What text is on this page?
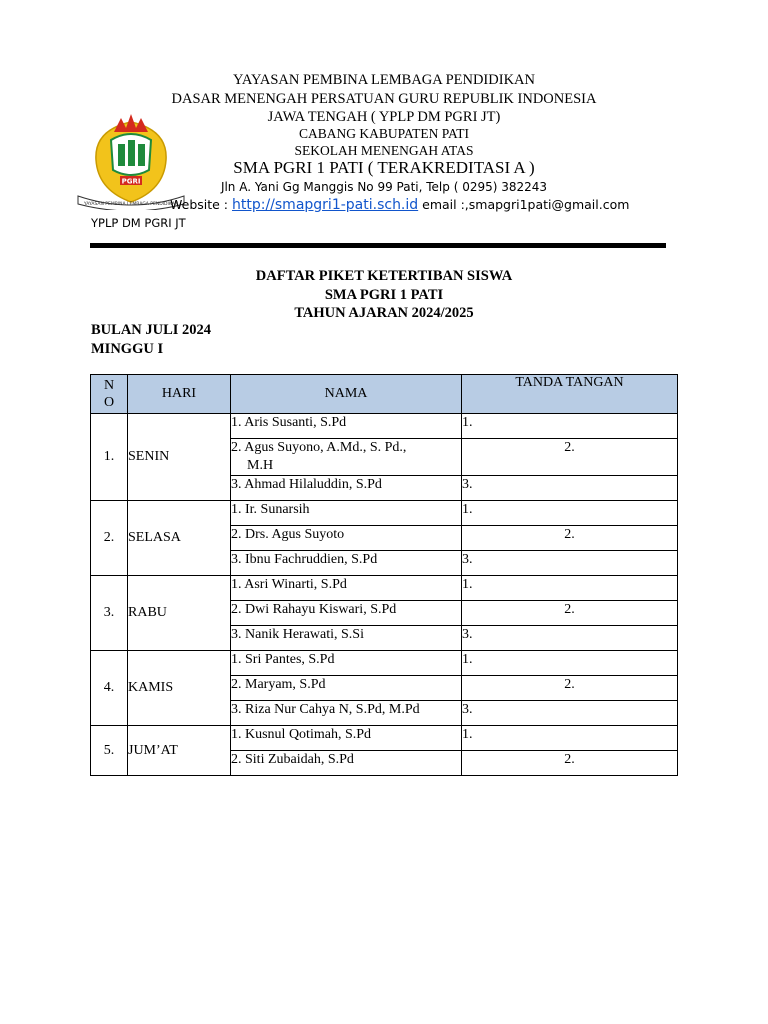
PGRI
YAYASAN PEMBINA LEMBAGA PENDIDIKAN
YAYASAN PEMBINA LEMBAGA PENDIDIKAN
DASAR MENENGAH PERSATUAN GURU REPUBLIK INDONESIA
JAWA TENGAH ( YPLP DM PGRI JT)
CABANG KABUPATEN PATI
SEKOLAH MENENGAH ATAS
SMA PGRI 1 PATI ( TERAKREDITASI A )
Jln A. Yani Gg Manggis No 99 Pati, Telp ( 0295) 382243
Website : http://smapgri1-pati.sch.id email :,smapgri1pati@gmail.com
YPLP DM PGRI JT
DAFTAR PIKET KETERTIBAN SISWA
SMA PGRI 1 PATI
TAHUN AJARAN 2024/2025
BULAN JULI 2024
MINGGU I
N
O	HARI	NAMA	TANDA TANGAN
1.	SENIN	1. Aris Susanti, S.Pd	1.
		2. Agus Suyono, A.Md., S. Pd.,
M.H	2.
		3. Ahmad Hilaluddin, S.Pd	3.
2.	SELASA	1. Ir. Sunarsih	1.
		2. Drs. Agus Suyoto	2.
		3. Ibnu Fachruddien, S.Pd	3.
3.	RABU	1. Asri Winarti, S.Pd	1.
		2. Dwi Rahayu Kiswari, S.Pd	2.
		3. Nanik Herawati, S.Si	3.
4.	KAMIS	1. Sri Pantes, S.Pd	1.
		2. Maryam, S.Pd	2.
		3. Riza Nur Cahya N, S.Pd, M.Pd	3.
5.	JUM’AT	1. Kusnul Qotimah, S.Pd	1.
		2. Siti Zubaidah, S.Pd	2.
